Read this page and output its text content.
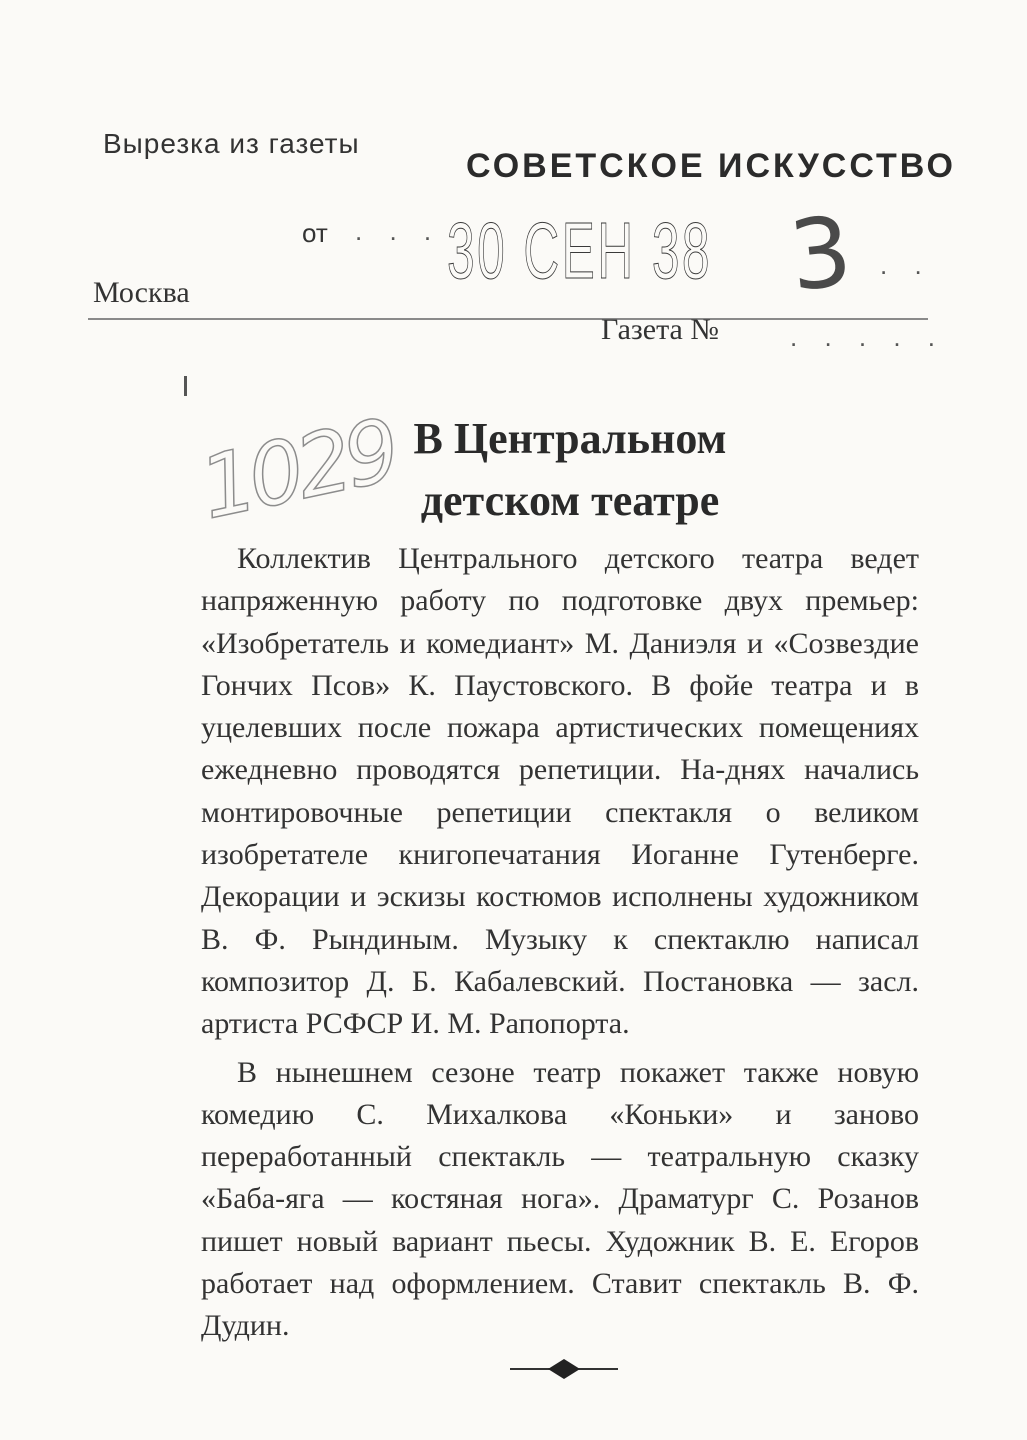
Вырезка из газеты
СОВЕТСКОЕ ИСКУССТВО
от . . . 30 СЕН 38 3 . .
Москва
Газета №	. . . . .
1029 В Центральном
детском театре

Коллектив Центрального детского театра ведет напряженную работу по подготовке двух премьер: «Изобретатель и комедиант» М. Даниэля и «Созвездие Гончих Псов» К. Паустовского. В фойе театра и в уцелевших после пожара артистических помещениях ежедневно проводятся репетиции. На-днях начались монтировочные репетиции спектакля о великом изобретателе книгопечатания Иоганне Гутенберге. Декорации и эскизы костюмов исполнены художником В. Ф. Рындиным. Музыку к спектаклю написал композитор Д. Б. Кабалевский. Постановка — засл. артиста РСФСР И. М. Рапопорта.

В нынешнем сезоне театр покажет также новую комедию С. Михалкова «Коньки» и заново переработанный спектакль — театральную сказку «Баба-яга — костяная нога». Драматург С. Розанов пишет новый вариант пьесы. Художник В. Е. Егоров работает над оформлением. Ставит спектакль В. Ф. Дудин.
